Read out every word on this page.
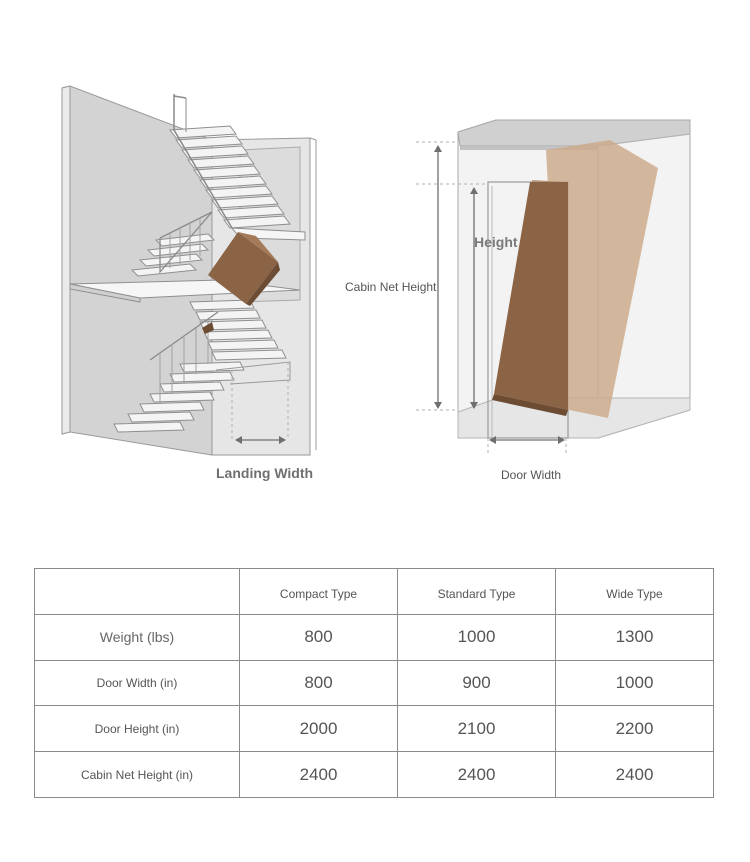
Landing Width
Cabin Net Height
Height
Door Width
	Compact Type	Standard Type	Wide Type
Weight (lbs)	800	1000	1300
Door Width (in)	800	900	1000
Door Height (in)	2000	2100	2200
Cabin Net Height (in)	2400	2400	2400
